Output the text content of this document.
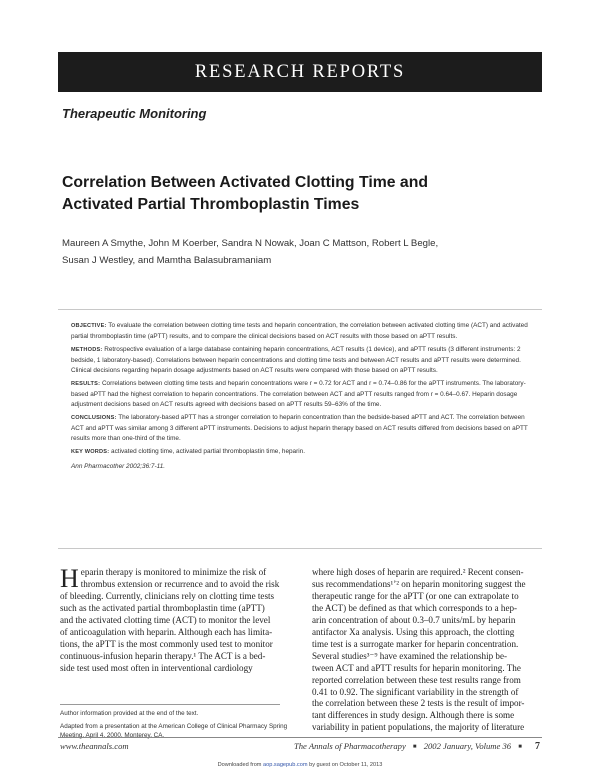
RESEARCH REPORTS
Therapeutic Monitoring
Correlation Between Activated Clotting Time and
Activated Partial Thromboplastin Times
Maureen A Smythe, John M Koerber, Sandra N Nowak, Joan C Mattson, Robert L Begle,
Susan J Westley, and Mamtha Balasubramaniam

OBJECTIVE: To evaluate the correlation between clotting time tests and heparin concentration, the correlation between activated clotting time (ACT) and activated partial thromboplastin time (aPTT) results, and to compare the clinical decisions based on ACT results with those based on aPTT results.

METHODS: Retrospective evaluation of a large database containing heparin concentrations, ACT results (1 device), and aPTT results (3 different instruments: 2 bedside, 1 laboratory-based). Correlations between heparin concentrations and clotting time tests and between ACT results and aPTT results were determined. Clinical decisions regarding heparin dosage adjustments based on ACT results were compared with those based on aPTT results.

RESULTS: Correlations between clotting time tests and heparin concentrations were r = 0.72 for ACT and r = 0.74–0.86 for the aPTT instruments. The laboratory-based aPTT had the highest correlation to heparin concentrations. The correlation between ACT and aPTT results ranged from r = 0.64–0.67. Heparin dosage adjustment decisions based on ACT results agreed with decisions based on aPTT results 59–63% of the time.

CONCLUSIONS: The laboratory-based aPTT has a stronger correlation to heparin concentration than the bedside-based aPTT and ACT. The correlation between ACT and aPTT was similar among 3 different aPTT instruments. Decisions to adjust heparin therapy based on ACT results differed from decisions based on aPTT results more than one-third of the time.

KEY WORDS: activated clotting time, activated partial thromboplastin time, heparin.

Ann Pharmacother 2002;36:7-11.

H eparin therapy is monitored to minimize the risk of
thrombus extension or recurrence and to avoid the risk
of bleeding. Currently, clinicians rely on clotting time tests
such as the activated partial thromboplastin time (aPTT)
and the activated clotting time (ACT) to monitor the level
of anticoagulation with heparin. Although each has limita-
tions, the aPTT is the most commonly used test to monitor
continuous-infusion heparin therapy.¹ The ACT is a bed-
side test used most often in interventional cardiology
where high doses of heparin are required.² Recent consen-
sus recommendations¹ʼ² on heparin monitoring suggest the
therapeutic range for the aPTT (or one can extrapolate to
the ACT) be defined as that which corresponds to a hep-
arin concentration of about 0.3–0.7 units/mL by heparin
antifactor Xa analysis. Using this approach, the clotting
time test is a surrogate marker for heparin concentration.
Several studies³⁻⁹ have examined the relationship be-
tween ACT and aPTT results for heparin monitoring. The
reported correlation between these test results range from
0.41 to 0.92. The significant variability in the strength of
the correlation between these 2 tests is the result of impor-
tant differences in study design. Although there is some
variability in patient populations, the majority of literature

Author information provided at the end of the text.

Adapted from a presentation at the American College of Clinical Pharmacy Spring Meeting, April 4, 2000, Monterey, CA.

www.theannals.com	The Annals of Pharmacotherapy ■ 2002 January, Volume 36 ■ 7
Downloaded from aop.sagepub.com by guest on October 11, 2013
